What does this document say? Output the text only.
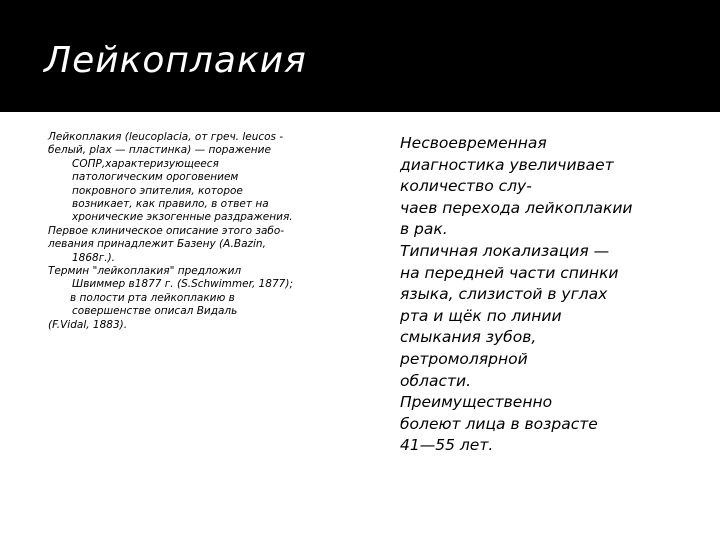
Лейкоплакия
Лейкоплакия (leucoplacia, от греч. leucos -
белый, plax — пластинка) — поражение
СОПР,характеризующееся
патологическим ороговением
покровного эпителия, которое
возникает, как правило, в ответ на
хронические экзогенные раздражения.
Первое клиническое описание этого забо-
левания принадлежит Базену (A.Bazin,
1868г.).
Термин "лейкоплакия" предложил
Швиммер в1877 г. (S.Schwimmer, 1877);
в полости рта лейкоплакию в
совершенстве описал Видаль
(F.Vidal, 1883).
Несвоевременная
диагностика увеличивает
количество слу-
чаев перехода лейкоплакии
в рак.
Типичная локализация —
на передней части спинки
языка, слизистой в углах
рта и щёк по линии
смыкания зубов,
ретромолярной
области.
Преимущественно
болеют лица в возрасте
41—55 лет.
